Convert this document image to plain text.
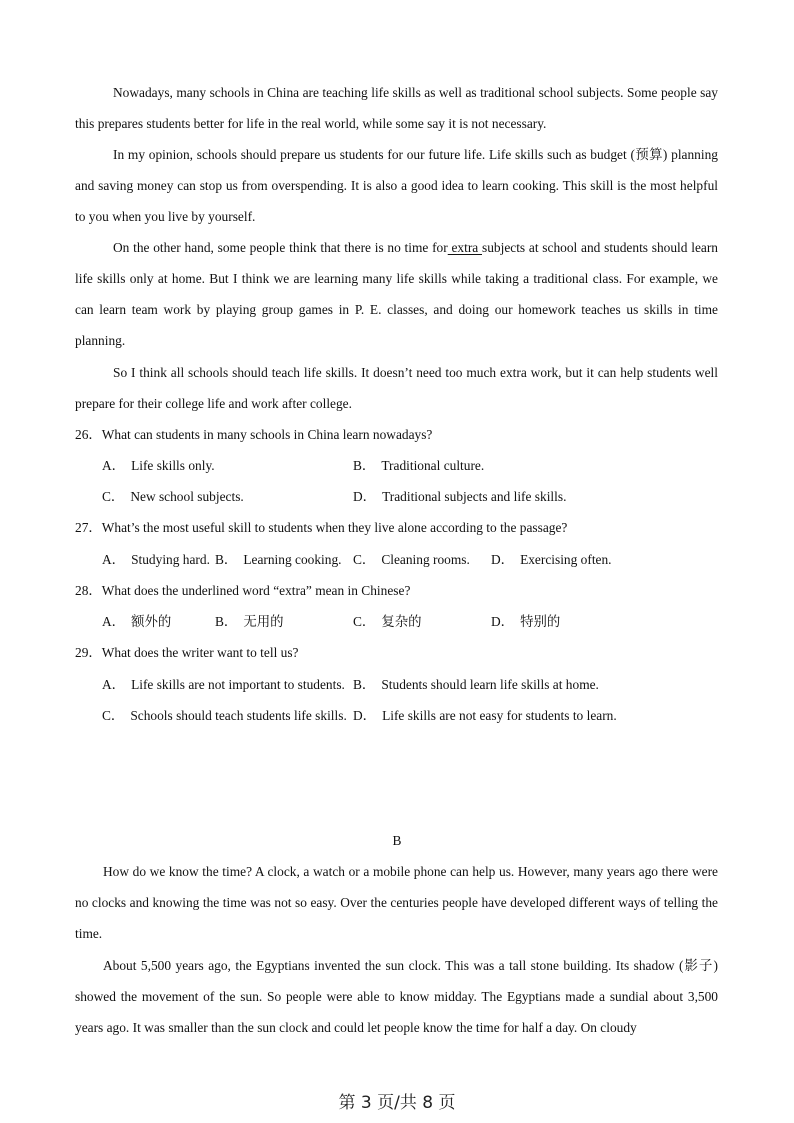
Nowadays, many schools in China are teaching life skills as well as traditional school subjects. Some people say this prepares students better for life in the real world, while some say it is not necessary.

In my opinion, schools should prepare us students for our future life. Life skills such as budget (预算) planning and saving money can stop us from overspending. It is also a good idea to learn cooking. This skill is the most helpful to you when you live by yourself.

On the other hand, some people think that there is no time for extra subjects at school and students should learn life skills only at home. But I think we are learning many life skills while taking a traditional class. For example, we can learn team work by playing group games in P. E. classes, and doing our homework teaches us skills in time planning.

So I think all schools should teach life skills. It doesn’t need too much extra work, but it can help students well prepare for their college life and work after college.

26．What can students in many schools in China learn nowadays?
A． Life skills only.	B． Traditional culture.
C． New school subjects.	D． Traditional subjects and life skills.
27．What’s the most useful skill to students when they live alone according to the passage?
A． Studying hard. B． Learning cooking. C． Cleaning rooms. D． Exercising often.
28．What does the underlined word “extra” mean in Chinese?
A． 额外的	B． 无用的	C． 复杂的	D． 特别的
29．What does the writer want to tell us?
A． Life skills are not important to students. B． Students should learn life skills at home.
C． Schools should teach students life skills. D． Life skills are not easy for students to learn.
B

How do we know the time? A clock, a watch or a mobile phone can help us. However, many years ago there were no clocks and knowing the time was not so easy. Over the centuries people have developed different ways of telling the time.

About 5,500 years ago, the Egyptians invented the sun clock. This was a tall stone building. Its shadow (影子) showed the movement of the sun. So people were able to know midday. The Egyptians made a sundial about 3,500 years ago. It was smaller than the sun clock and could let people know the time for half a day. On cloudy

第 3 页/共 8 页
